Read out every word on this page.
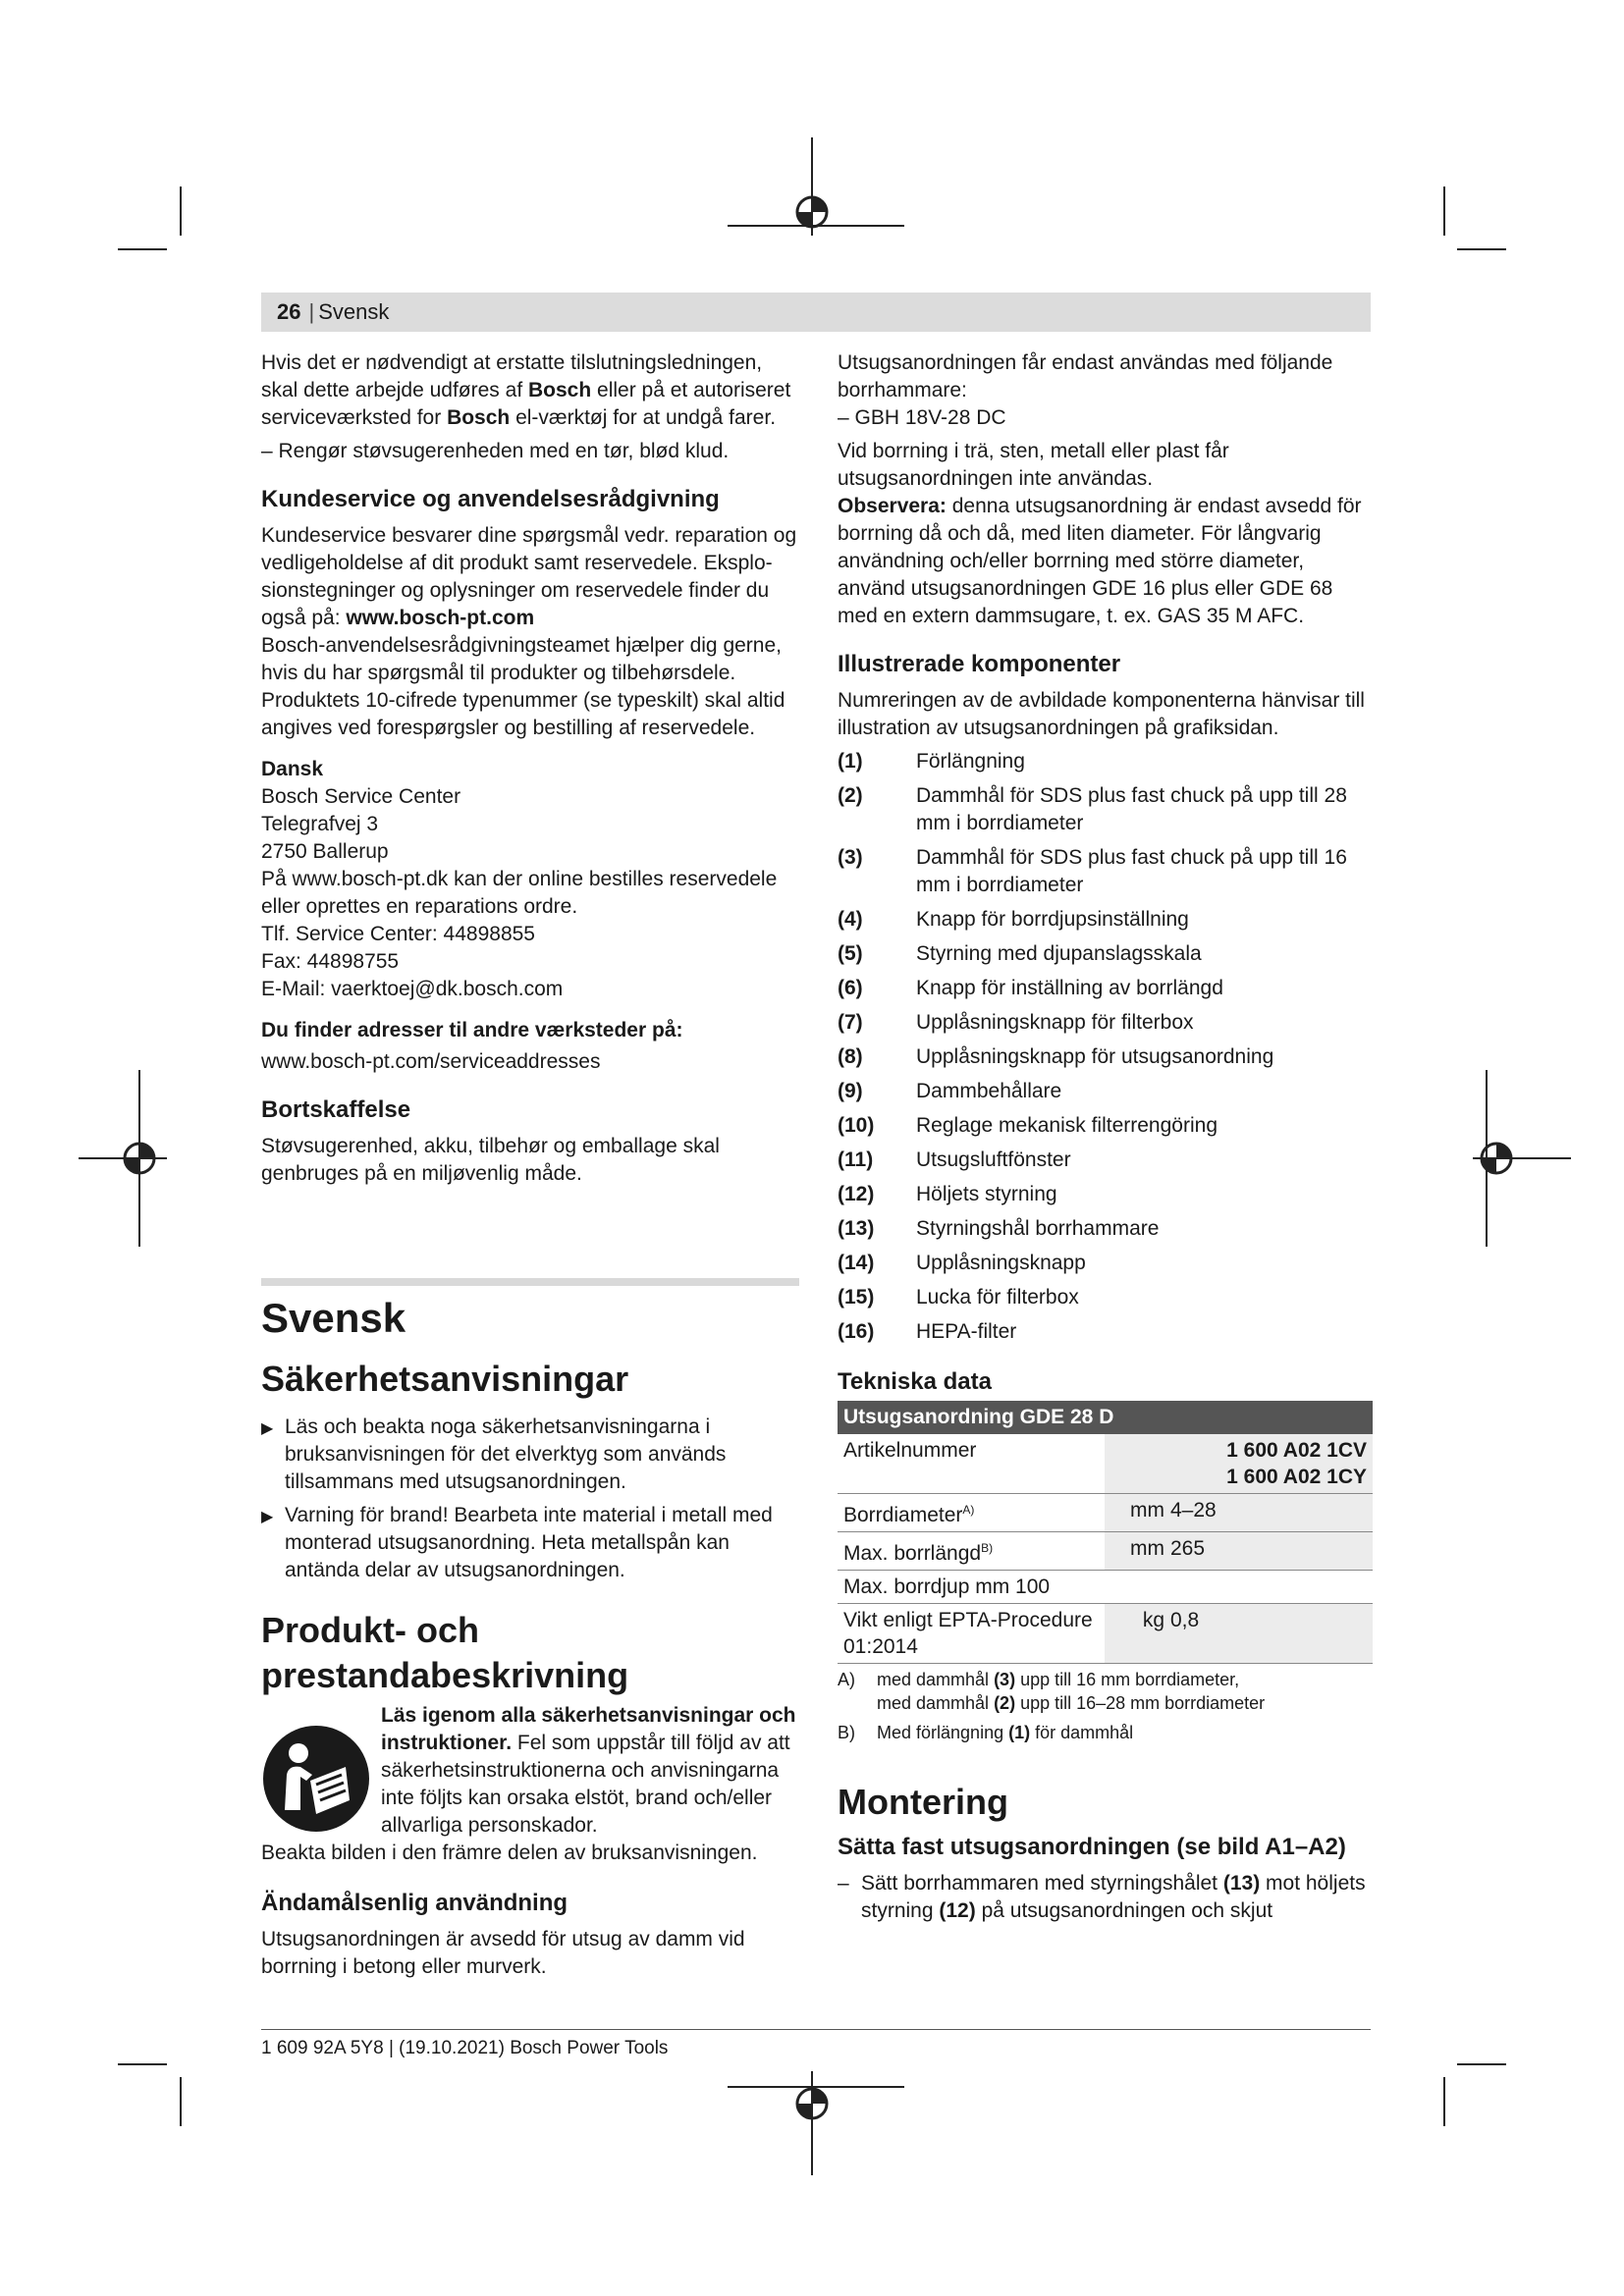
26 | Svensk

Hvis det er nødvendigt at erstatte tilslutningsledningen, skal dette arbejde udføres af Bosch eller på et autoriseret serviceværksted for Bosch el-værktøj for at undgå farer.

– Rengør støvsugerenheden med en tør, blød klud.

Kundeservice og anvendelsesrådgivning

Kundeservice besvarer dine spørgsmål vedr. reparation og vedligeholdelse af dit produkt samt reservedele. Eksplosionstegninger og oplysninger om reservedele finder du også på: www.bosch-pt.com

Bosch-anvendelsesrådgivningsteamet hjælper dig gerne, hvis du har spørgsmål til produkter og tilbehørsdele.

Produktets 10-cifrede typenummer (se typeskilt) skal altid angives ved forespørgsler og bestilling af reservedele.

Dansk

Bosch Service Center

Telegrafvej 3

2750 Ballerup

På www.bosch-pt.dk kan der online bestilles reservedele eller oprettes en reparations ordre.

Tlf. Service Center: 44898855

Fax: 44898755

E-Mail: vaerktoej@dk.bosch.com

Du finder adresser til andre værksteder på:

www.bosch-pt.com/serviceaddresses

Bortskaffelse

Støvsugerenhed, akku, tilbehør og emballage skal genbruges på en miljøvenlig måde.

Svensk
Säkerhetsanvisningar
▶ Läs och beakta noga säkerhetsanvisningarna i bruksanvisningen för det elverktyg som används tillsammans med utsugsanordningen.
▶ Varning för brand! Bearbeta inte material i metall med monterad utsugsanordning. Heta metallspån kan antända delar av utsugsanordningen.
Produkt- och prestandabeskrivning
Läs igenom alla säkerhetsanvisningar och instruktioner. Fel som uppstår till följd av att säkerhetsinstruktionerna och anvisningarna inte följts kan orsaka elstöt, brand och/eller allvarliga personskador.

Beakta bilden i den främre delen av bruksanvisningen.

Ändamålsenlig användning

Utsugsanordningen är avsedd för utsug av damm vid borrning i betong eller murverk.

Utsugsanordningen får endast användas med följande borrhammare:

– GBH 18V-28 DC

Vid borrning i trä, sten, metall eller plast får utsugsanordningen inte användas.

Observera: denna utsugsanordning är endast avsedd för borrning då och då, med liten diameter. För långvarig användning och/eller borrning med större diameter, använd utsugsanordningen GDE 16 plus eller GDE 68 med en extern dammsugare, t. ex. GAS 35 M AFC.

Illustrerade komponenter

Numreringen av de avbildade komponenterna hänvisar till illustration av utsugsanordningen på grafiksidan.

(1)	Förlängning
(2)	Dammhål för SDS plus fast chuck på upp till 28 mm i borrdiameter
(3)	Dammhål för SDS plus fast chuck på upp till 16 mm i borrdiameter
(4)	Knapp för borrdjupsinställning
(5)	Styrning med djupanslagsskala
(6)	Knapp för inställning av borrlängd
(7)	Upplåsningsknapp för filterbox
(8)	Upplåsningsknapp för utsugsanordning
(9)	Dammbehållare
(10)	Reglage mekanisk filterrengöring
(11)	Utsugsluftfönster
(12)	Höljets styrning
(13)	Styrningshål borrhammare
(14)	Upplåsningsknapp
(15)	Lucka för filterbox
(16)	HEPA-filter
Tekniska data
Utsugsanordning GDE 28 D		
Artikelnummer	1 600 A02 1CV
1 600 A02 1CY	

Borrdiameter$^{A)}$	mm	4–28
Max. borrlängd$^{B)}$	mm	265
Max. borrdjup mm 100		
Vikt enligt EPTA-Procedure 01:2014	kg	0,8
A)	med dammhål (3) upp till 16 mm borrdiameter,
med dammhål (2) upp till 16–28 mm borrdiameter
B)	Med förlängning (1) för dammhål
Montering
Sätta fast utsugsanordningen (se bild A1–A2)
– Sätt borrhammaren med styrningshålet (13) mot höljets styrning (12) på utsugsanordningen och skjut
1 609 92A 5Y8 | (19.10.2021) Bosch Power Tools
